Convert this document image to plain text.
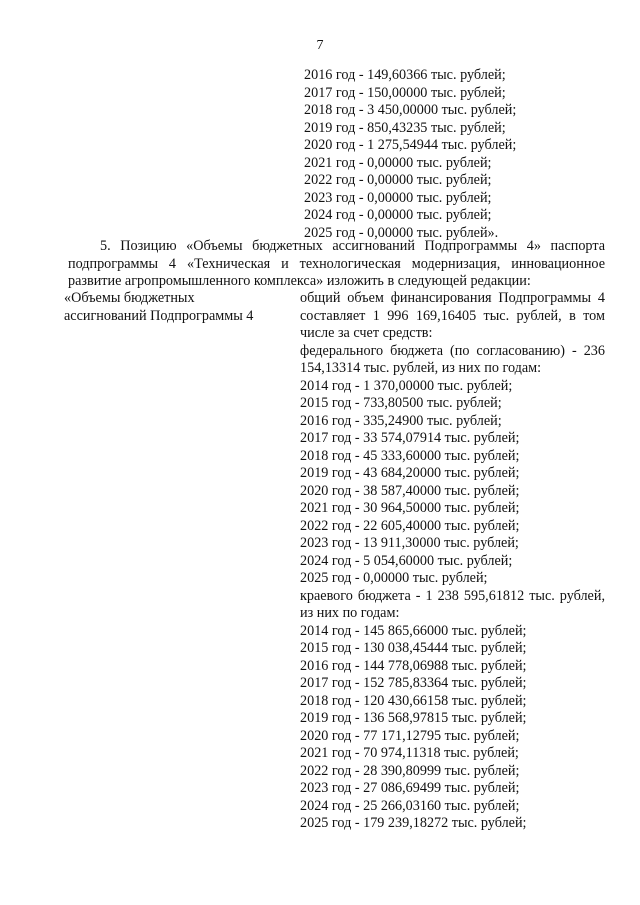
7
2016 год - 149,60366 тыс. рублей;
2017 год - 150,00000 тыс. рублей;
2018 год - 3 450,00000 тыс. рублей;
2019 год - 850,43235 тыс. рублей;
2020 год - 1 275,54944 тыс. рублей;
2021 год - 0,00000 тыс. рублей;
2022 год - 0,00000 тыс. рублей;
2023 год - 0,00000 тыс. рублей;
2024 год - 0,00000 тыс. рублей;
2025 год - 0,00000 тыс. рублей».
5. Позицию «Объемы бюджетных ассигнований Подпрограммы 4» паспорта подпрограммы 4 «Техническая и технологическая модернизация, инновационное развитие агропромышленного комплекса» изложить в следующей редакции:
«Объемы бюджетных
ассигнований Подпрограммы 4
общий объем финансирования Подпрограммы 4 составляет 1 996 169,16405 тыс. рублей, в том числе за счет средств:
федерального бюджета (по согласованию) - 236 154,13314 тыс. рублей, из них по годам:
2014 год - 1 370,00000 тыс. рублей;
2015 год - 733,80500 тыс. рублей;
2016 год - 335,24900 тыс. рублей;
2017 год - 33 574,07914 тыс. рублей;
2018 год - 45 333,60000 тыс. рублей;
2019 год - 43 684,20000 тыс. рублей;
2020 год - 38 587,40000 тыс. рублей;
2021 год - 30 964,50000 тыс. рублей;
2022 год - 22 605,40000 тыс. рублей;
2023 год - 13 911,30000 тыс. рублей;
2024 год - 5 054,60000 тыс. рублей;
2025 год - 0,00000 тыс. рублей;
краевого бюджета - 1 238 595,61812 тыс. рублей, из них по годам:
2014 год - 145 865,66000 тыс. рублей;
2015 год - 130 038,45444 тыс. рублей;
2016 год - 144 778,06988 тыс. рублей;
2017 год - 152 785,83364 тыс. рублей;
2018 год - 120 430,66158 тыс. рублей;
2019 год - 136 568,97815 тыс. рублей;
2020 год - 77 171,12795 тыс. рублей;
2021 год - 70 974,11318 тыс. рублей;
2022 год - 28 390,80999 тыс. рублей;
2023 год - 27 086,69499 тыс. рублей;
2024 год - 25 266,03160 тыс. рублей;
2025 год - 179 239,18272 тыс. рублей;
